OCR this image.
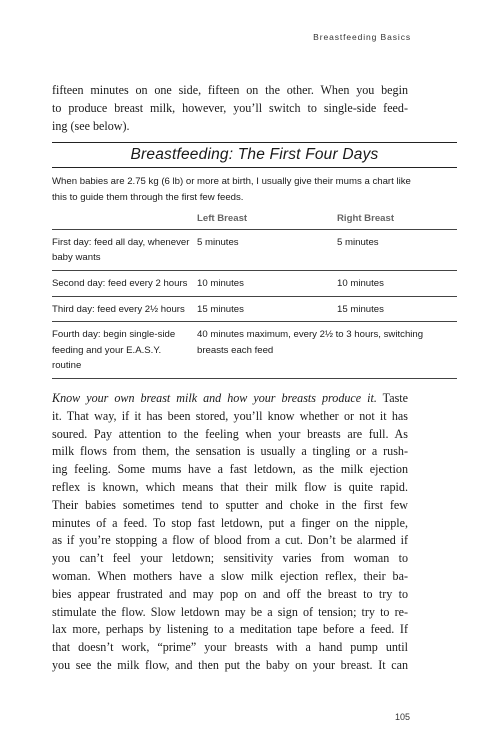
Breastfeeding Basics

fifteen minutes on one side, fifteen on the other. When you begin
to produce breast milk, however, you’ll switch to single-side feed-
ing (see below).

Breastfeeding: The First Four Days

When babies are 2.75 kg (6 lb) or more at birth, I usually give their mums a chart like
this to guide them through the first few feeds.

	Left Breast	Right Breast
First day: feed all day, whenever baby wants	5 minutes	5 minutes
Second day: feed every 2 hours	10 minutes	10 minutes
Third day: feed every 2½ hours	15 minutes	15 minutes
Fourth day: begin single-side feeding and your E.A.S.Y. routine	40 minutes maximum, every 2½ to 3 hours, switching breasts each feed	

Know your own breast milk and how your breasts produce it. Taste
it. That way, if it has been stored, you’ll know whether or not it has
soured. Pay attention to the feeling when your breasts are full. As
milk flows from them, the sensation is usually a tingling or a rush-
ing feeling. Some mums have a fast letdown, as the milk ejection
reflex is known, which means that their milk flow is quite rapid.
Their babies sometimes tend to sputter and choke in the first few
minutes of a feed. To stop fast letdown, put a finger on the nipple,
as if you’re stopping a flow of blood from a cut. Don’t be alarmed if
you can’t feel your letdown; sensitivity varies from woman to
woman. When mothers have a slow milk ejection reflex, their ba-
bies appear frustrated and may pop on and off the breast to try to
stimulate the flow. Slow letdown may be a sign of tension; try to re-
lax more, perhaps by listening to a meditation tape before a feed. If
that doesn’t work, “prime” your breasts with a hand pump until
you see the milk flow, and then put the baby on your breast. It can

105
